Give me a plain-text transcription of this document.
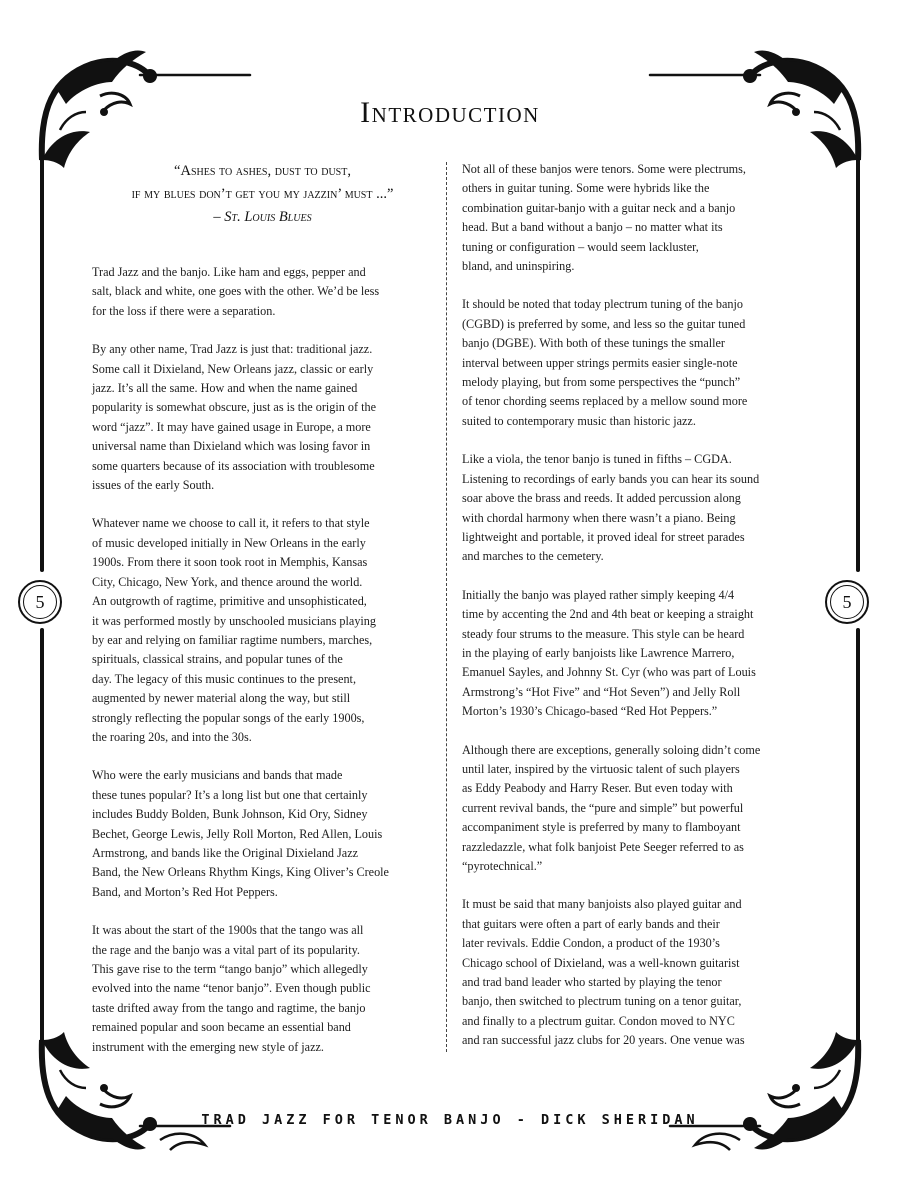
5	5
Introduction
“Ashes to ashes, dust to dust,
if my blues don’t get you my jazzin’ must ...”
– St. Louis Blues

Trad Jazz and the banjo. Like ham and eggs, pepper and
salt, black and white, one goes with the other. We’d be less
for the loss if there were a separation.

By any other name, Trad Jazz is just that: traditional jazz.
Some call it Dixieland, New Orleans jazz, classic or early
jazz. It’s all the same. How and when the name gained
popularity is somewhat obscure, just as is the origin of the
word “jazz”. It may have gained usage in Europe, a more
universal name than Dixieland which was losing favor in
some quarters because of its association with troublesome
issues of the early South.

Whatever name we choose to call it, it refers to that style
of music developed initially in New Orleans in the early
1900s. From there it soon took root in Memphis, Kansas
City, Chicago, New York, and thence around the world.
An outgrowth of ragtime, primitive and unsophisticated,
it was performed mostly by unschooled musicians playing
by ear and relying on familiar ragtime numbers, marches,
spirituals, classical strains, and popular tunes of the
day. The legacy of this music continues to the present,
augmented by newer material along the way, but still
strongly reflecting the popular songs of the early 1900s,
the roaring 20s, and into the 30s.

Who were the early musicians and bands that made
these tunes popular? It’s a long list but one that certainly
includes Buddy Bolden, Bunk Johnson, Kid Ory, Sidney
Bechet, George Lewis, Jelly Roll Morton, Red Allen, Louis
Armstrong, and bands like the Original Dixieland Jazz
Band, the New Orleans Rhythm Kings, King Oliver’s Creole
Band, and Morton’s Red Hot Peppers.

It was about the start of the 1900s that the tango was all
the rage and the banjo was a vital part of its popularity.
This gave rise to the term “tango banjo” which allegedly
evolved into the name “tenor banjo”. Even though public
taste drifted away from the tango and ragtime, the banjo
remained popular and soon became an essential band
instrument with the emerging new style of jazz.

Not all of these banjos were tenors. Some were plectrums,
others in guitar tuning. Some were hybrids like the
combination guitar-banjo with a guitar neck and a banjo
head. But a band without a banjo – no matter what its
tuning or configuration – would seem lackluster,
bland, and uninspiring.

It should be noted that today plectrum tuning of the banjo
(CGBD) is preferred by some, and less so the guitar tuned
banjo (DGBE). With both of these tunings the smaller
interval between upper strings permits easier single-note
melody playing, but from some perspectives the “punch”
of tenor chording seems replaced by a mellow sound more
suited to contemporary music than historic jazz.

Like a viola, the tenor banjo is tuned in fifths – CGDA.
Listening to recordings of early bands you can hear its sound
soar above the brass and reeds. It added percussion along
with chordal harmony when there wasn’t a piano. Being
lightweight and portable, it proved ideal for street parades
and marches to the cemetery.

Initially the banjo was played rather simply keeping 4/4
time by accenting the 2nd and 4th beat or keeping a straight
steady four strums to the measure. This style can be heard
in the playing of early banjoists like Lawrence Marrero,
Emanuel Sayles, and Johnny St. Cyr (who was part of Louis
Armstrong’s “Hot Five” and “Hot Seven”) and Jelly Roll
Morton’s 1930’s Chicago-based “Red Hot Peppers.”

Although there are exceptions, generally soloing didn’t come
until later, inspired by the virtuosic talent of such players
as Eddy Peabody and Harry Reser. But even today with
current revival bands, the “pure and simple” but powerful
accompaniment style is preferred by many to flamboyant
razzledazzle, what folk banjoist Pete Seeger referred to as
“pyrotechnical.”

It must be said that many banjoists also played guitar and
that guitars were often a part of early bands and their
later revivals. Eddie Condon, a product of the 1930’s
Chicago school of Dixieland, was a well-known guitarist
and trad band leader who started by playing the tenor
banjo, then switched to plectrum tuning on a tenor guitar,
and finally to a plectrum guitar. Condon moved to NYC
and ran successful jazz clubs for 20 years. One venue was

TRAD JAZZ FOR TENOR BANJO - DICK SHERIDAN
